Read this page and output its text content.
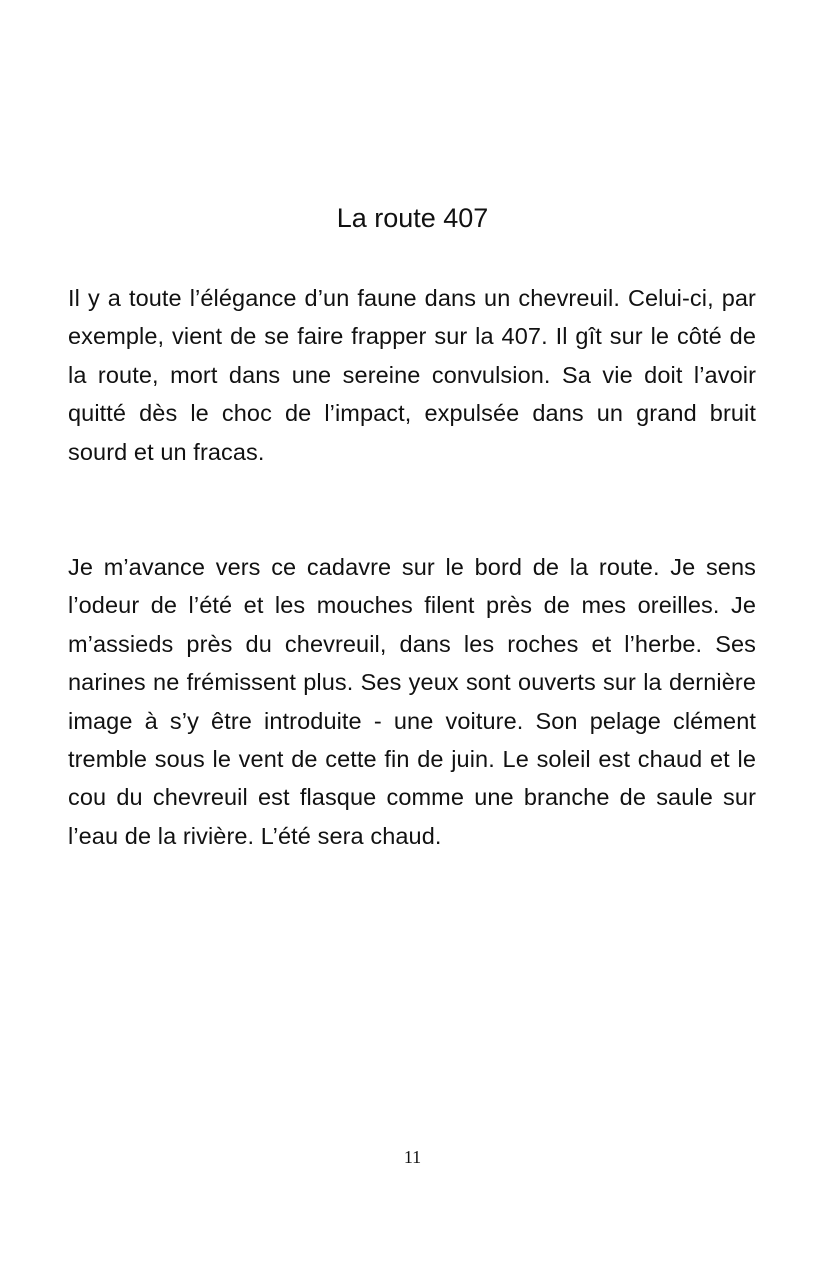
La route 407

Il y a toute l’élégance d’un faune dans un chevreuil. Celui-ci, par exemple, vient de se faire frapper sur la 407. Il gît sur le côté de la route, mort dans une sereine convulsion. Sa vie doit l’avoir quitté dès le choc de l’impact, expulsée dans un grand bruit sourd et un fracas.

Je m’avance vers ce cadavre sur le bord de la route. Je sens l’odeur de l’été et les mouches filent près de mes oreilles. Je m’assieds près du chevreuil, dans les roches et l’herbe. Ses narines ne frémissent plus. Ses yeux sont ouverts sur la dernière image à s’y être introduite - une voiture. Son pelage clément tremble sous le vent de cette fin de juin. Le soleil est chaud et le cou du chevreuil est flasque comme une branche de saule sur l’eau de la rivière. L’été sera chaud.

11
